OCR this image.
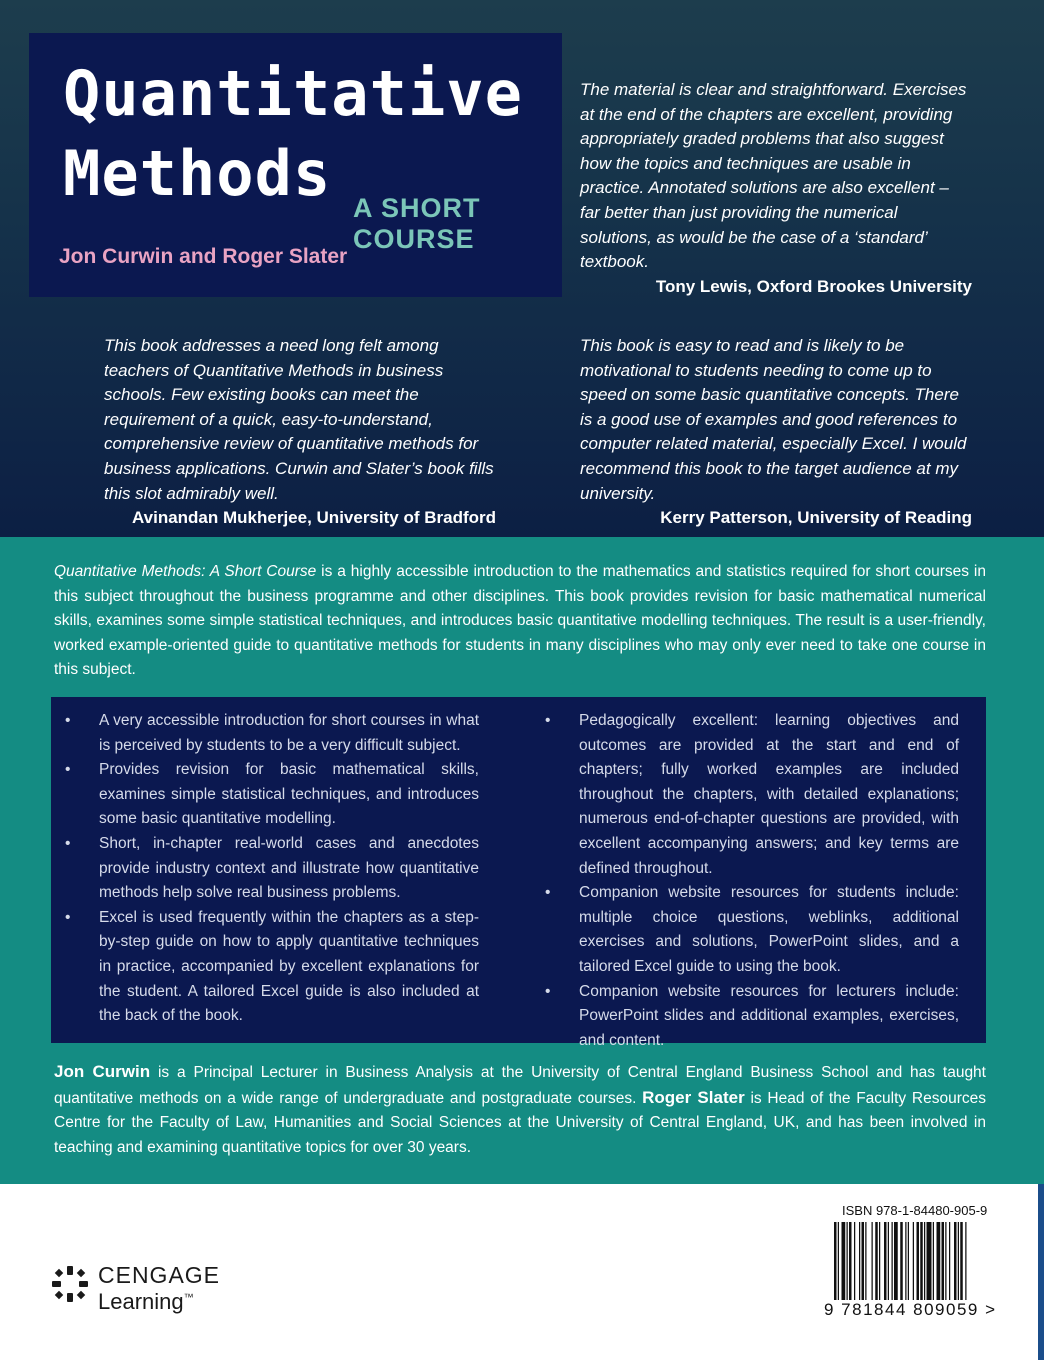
Quantitative
Methods A SHORT COURSE
Jon Curwin and Roger Slater
The material is clear and straightforward. Exercises at the end of the chapters are excellent, providing appropriately graded problems that also suggest how the topics and techniques are usable in practice. Annotated solutions are also excellent – far better than just providing the numerical solutions, as would be the case of a ‘standard’ textbook.
Tony Lewis, Oxford Brookes University
This book addresses a need long felt among teachers of Quantitative Methods in business schools. Few existing books can meet the requirement of a quick, easy-to-understand, comprehensive review of quantitative methods for business applications. Curwin and Slater’s book fills this slot admirably well.
Avinandan Mukherjee, University of Bradford
This book is easy to read and is likely to be motivational to students needing to come up to speed on some basic quantitative concepts. There is a good use of examples and good references to computer related material, especially Excel. I would recommend this book to the target audience at my university.
Kerry Patterson, University of Reading
Quantitative Methods: A Short Course is a highly accessible introduction to the mathematics and statistics required for short courses in this subject throughout the business programme and other disciplines. This book provides revision for basic mathematical numerical skills, examines some simple statistical techniques, and introduces basic quantitative modelling techniques. The result is a user-friendly, worked example-oriented guide to quantitative methods for students in many disciplines who may only ever need to take one course in this subject.
• A very accessible introduction for short courses in what is perceived by students to be a very difficult subject.
• Provides revision for basic mathematical skills, examines simple statistical techniques, and introduces some basic quantitative modelling.
• Short, in-chapter real-world cases and anecdotes provide industry context and illustrate how quantitative methods help solve real business problems.
• Excel is used frequently within the chapters as a step-by-step guide on how to apply quantitative techniques in practice, accompanied by excellent explanations for the student. A tailored Excel guide is also included at the back of the book.
• Pedagogically excellent: learning objectives and outcomes are provided at the start and end of chapters; fully worked examples are included throughout the chapters, with detailed explanations; numerous end-of-chapter questions are provided, with excellent accompanying answers; and key terms are defined throughout.
• Companion website resources for students include: multiple choice questions, weblinks, additional exercises and solutions, PowerPoint slides, and a tailored Excel guide to using the book.
• Companion website resources for lecturers include: PowerPoint slides and additional examples, exercises, and content.
Jon Curwin is a Principal Lecturer in Business Analysis at the University of Central England Business School and has taught quantitative methods on a wide range of undergraduate and postgraduate courses. Roger Slater is Head of the Faculty Resources Centre for the Faculty of Law, Humanities and Social Sciences at the University of Central England, UK, and has been involved in teaching and examining quantitative topics for over 30 years.
CENGAGE
Learning™
ISBN 978-1-84480-905-9
9 781844 809059 >
